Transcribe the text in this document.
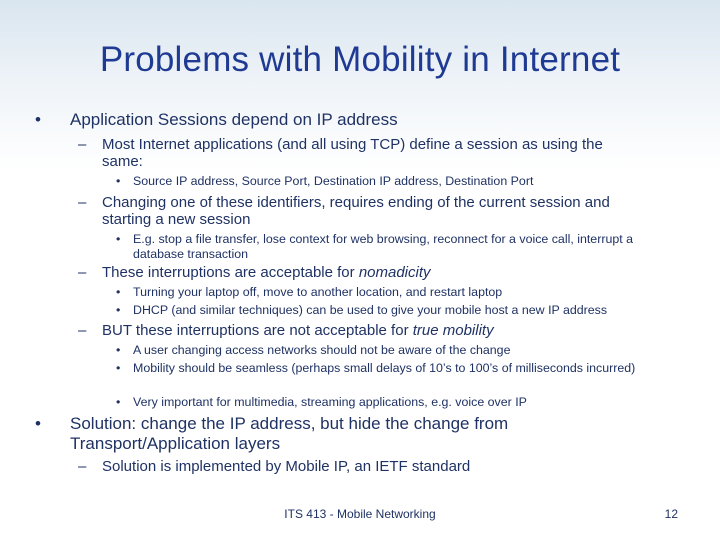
Problems with Mobility in Internet
• Application Sessions depend on IP address
– Most Internet applications (and all using TCP) define a session as using the same:
• Source IP address, Source Port, Destination IP address, Destination Port
– Changing one of these identifiers, requires ending of the current session and starting a new session
• E.g. stop a file transfer, lose context for web browsing, reconnect for a voice call, interrupt a database transaction
– These interruptions are acceptable for nomadicity
• Turning your laptop off, move to another location, and restart laptop
• DHCP (and similar techniques) can be used to give your mobile host a new IP address
– BUT these interruptions are not acceptable for true mobility
• A user changing access networks should not be aware of the change
• Mobility should be seamless (perhaps small delays of 10’s to 100’s of milliseconds incurred)
• Very important for multimedia, streaming applications, e.g. voice over IP
• Solution: change the IP address, but hide the change from Transport/Application layers
– Solution is implemented by Mobile IP, an IETF standard
ITS 413 - Mobile Networking	12
